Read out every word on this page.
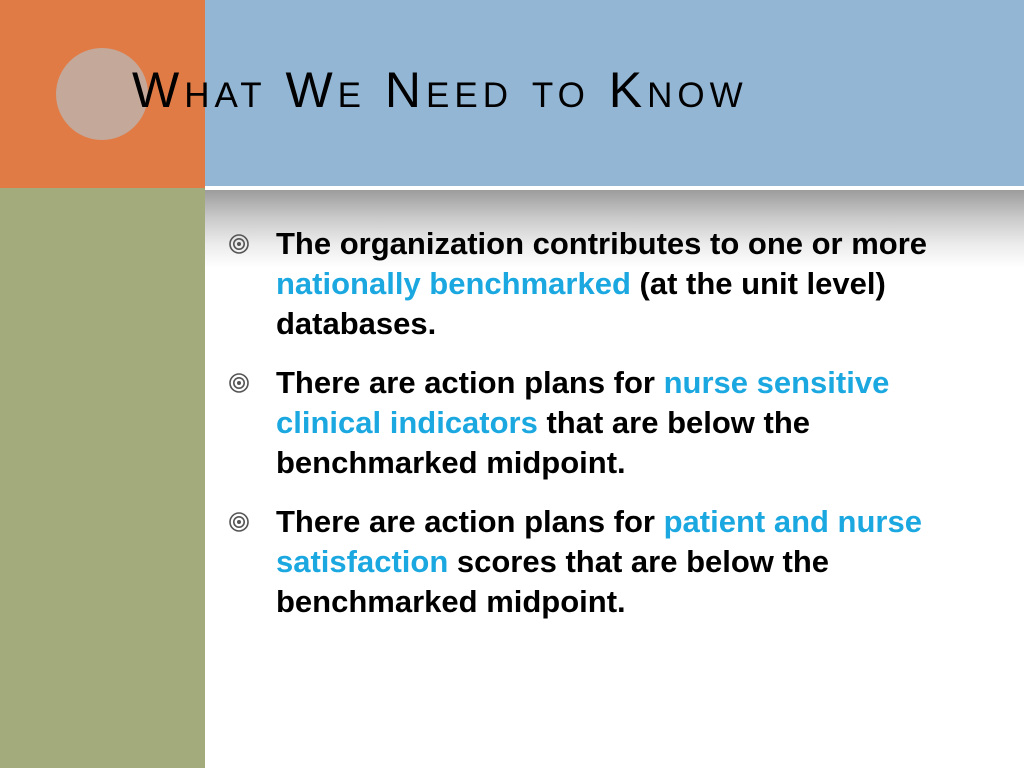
What We Need to Know
The organization contributes to one or more nationally benchmarked (at the unit level) databases.
There are action plans for nurse sensitive clinical indicators that are below the benchmarked midpoint.
There are action plans for patient and nurse satisfaction scores that are below the benchmarked midpoint.
